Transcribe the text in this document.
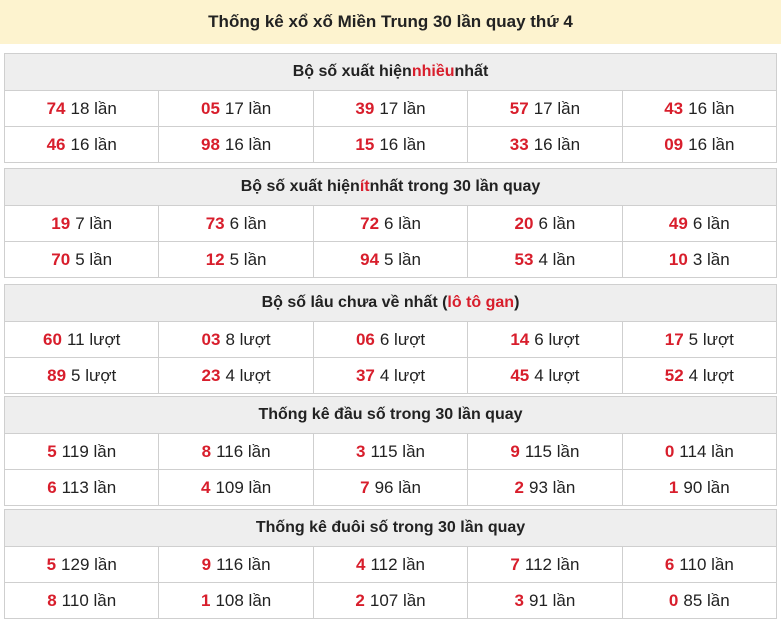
Thống kê xổ xố Miền Trung 30 lần quay thứ 4
Bộ số xuất hiện nhiều nhất
74 18 lần	05 17 lần	39 17 lần	57 17 lần	43 16 lần
46 16 lần	98 16 lần	15 16 lần	33 16 lần	09 16 lần
Bộ số xuất hiện ít nhất trong 30 lần quay
19 7 lần	73 6 lần	72 6 lần	20 6 lần	49 6 lần
70 5 lần	12 5 lần	94 5 lần	53 4 lần	10 3 lần
Bộ số lâu chưa về nhất ( lô tô gan )
60 11 lượt	03 8 lượt	06 6 lượt	14 6 lượt	17 5 lượt
89 5 lượt	23 4 lượt	37 4 lượt	45 4 lượt	52 4 lượt
Thống kê đầu số trong 30 lần quay
5 119 lần	8 116 lần	3 115 lần	9 115 lần	0 114 lần
6 113 lần	4 109 lần	7 96 lần	2 93 lần	1 90 lần
Thống kê đuôi số trong 30 lần quay
5 129 lần	9 116 lần	4 112 lần	7 112 lần	6 110 lần
8 110 lần	1 108 lần	2 107 lần	3 91 lần	0 85 lần
